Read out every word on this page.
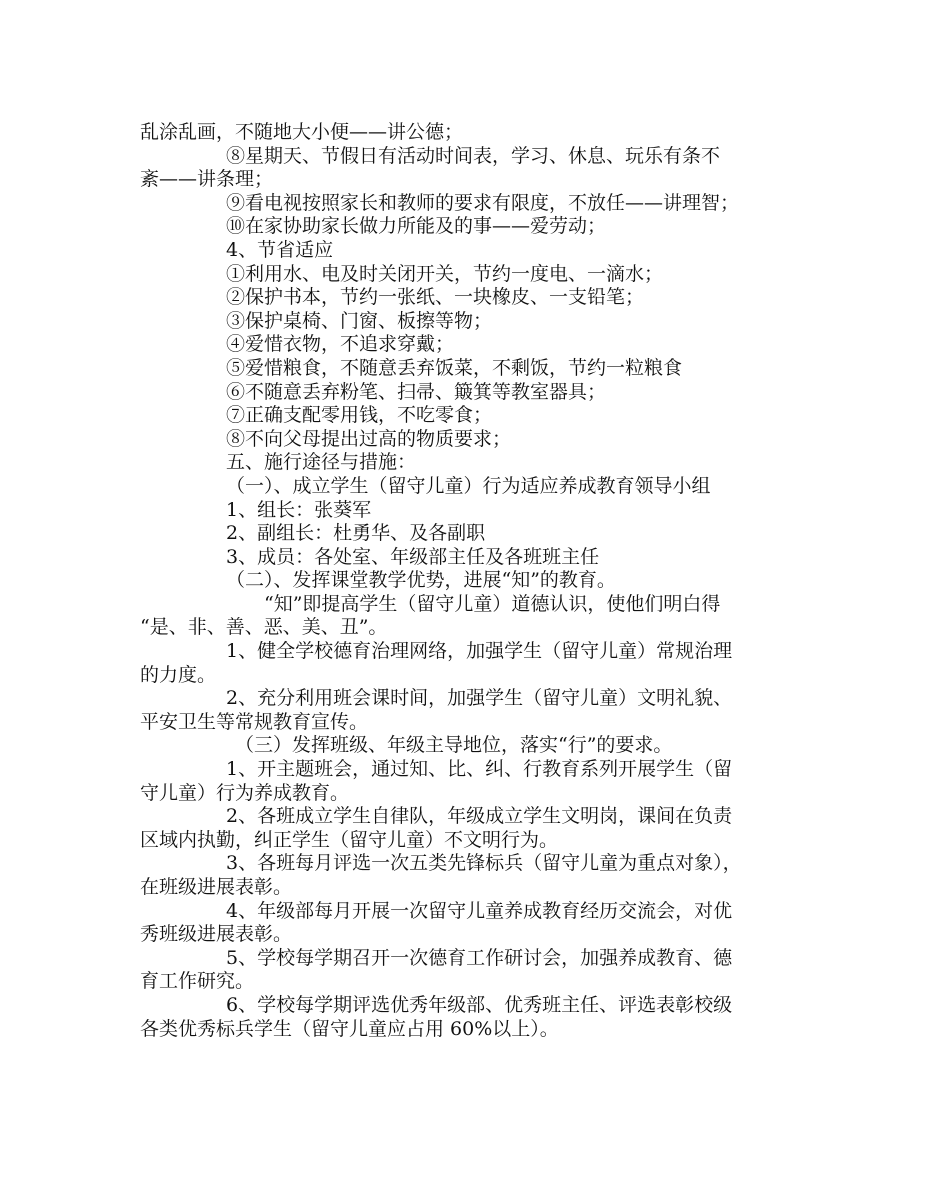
乱涂乱画，不随地大小便——讲公德；
⑧星期天、节假日有活动时间表，学习、休息、玩乐有条不
紊——讲条理；
⑨看电视按照家长和教师的要求有限度，不放任——讲理智；
⑩在家协助家长做力所能及的事——爱劳动；
4、节省适应
①利用水、电及时关闭开关，节约一度电、一滴水；
②保护书本，节约一张纸、一块橡皮、一支铅笔；
③保护桌椅、门窗、板擦等物；
④爱惜衣物，不追求穿戴；
⑤爱惜粮食，不随意丢弃饭菜，不剩饭，节约一粒粮食
⑥不随意丢弃粉笔、扫帚、簸箕等教室器具；
⑦正确支配零用钱，不吃零食；
⑧不向父母提出过高的物质要求；
五、施行途径与措施：
（一）、成立学生（留守儿童）行为适应养成教育领导小组
1、组长：张葵军
2、副组长：杜勇华、及各副职
3、成员：各处室、年级部主任及各班班主任
（二）、发挥课堂教学优势，进展“知”的教育。
“知”即提高学生（留守儿童）道德认识，使他们明白得
“是、非、善、恶、美、丑”。
1、健全学校德育治理网络，加强学生（留守儿童）常规治理
的力度。
2、充分利用班会课时间，加强学生（留守儿童）文明礼貌、
平安卫生等常规教育宣传。
（三）发挥班级、年级主导地位，落实“行”的要求。
1、开主题班会，通过知、比、纠、行教育系列开展学生（留
守儿童）行为养成教育。
2、各班成立学生自律队，年级成立学生文明岗，课间在负责
区域内执勤，纠正学生（留守儿童）不文明行为。
3、各班每月评选一次五类先锋标兵（留守儿童为重点对象），
在班级进展表彰。
4、年级部每月开展一次留守儿童养成教育经历交流会，对优
秀班级进展表彰。
5、学校每学期召开一次德育工作研讨会，加强养成教育、德
育工作研究。
6、学校每学期评选优秀年级部、优秀班主任、评选表彰校级
各类优秀标兵学生（留守儿童应占用 60%以上）。
